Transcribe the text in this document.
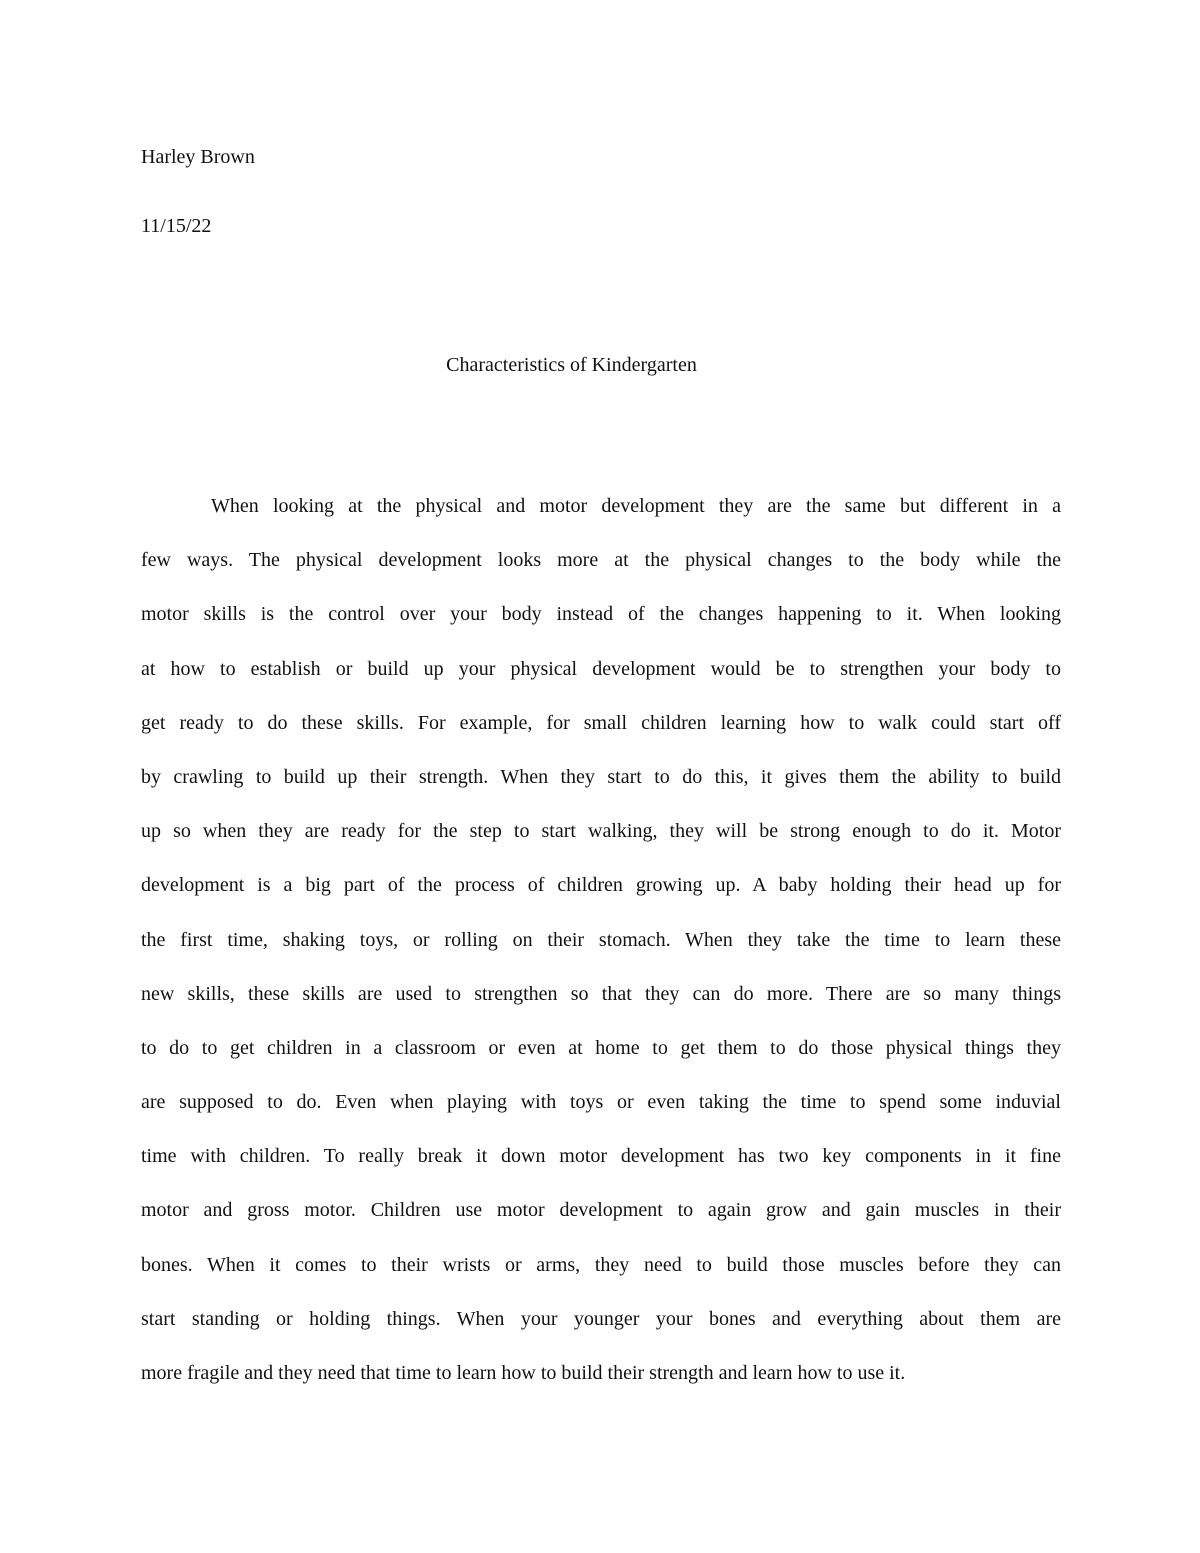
Harley Brown
11/15/22
Characteristics of Kindergarten
When looking at the physical and motor development they are the same but different in a
few ways. The physical development looks more at the physical changes to the body while the
motor skills is the control over your body instead of the changes happening to it. When looking
at how to establish or build up your physical development would be to strengthen your body to
get ready to do these skills. For example, for small children learning how to walk could start off
by crawling to build up their strength. When they start to do this, it gives them the ability to build
up so when they are ready for the step to start walking, they will be strong enough to do it. Motor
development is a big part of the process of children growing up. A baby holding their head up for
the first time, shaking toys, or rolling on their stomach. When they take the time to learn these
new skills, these skills are used to strengthen so that they can do more. There are so many things
to do to get children in a classroom or even at home to get them to do those physical things they
are supposed to do. Even when playing with toys or even taking the time to spend some induvial
time with children. To really break it down motor development has two key components in it fine
motor and gross motor. Children use motor development to again grow and gain muscles in their
bones. When it comes to their wrists or arms, they need to build those muscles before they can
start standing or holding things. When your younger your bones and everything about them are
more fragile and they need that time to learn how to build their strength and learn how to use it.
